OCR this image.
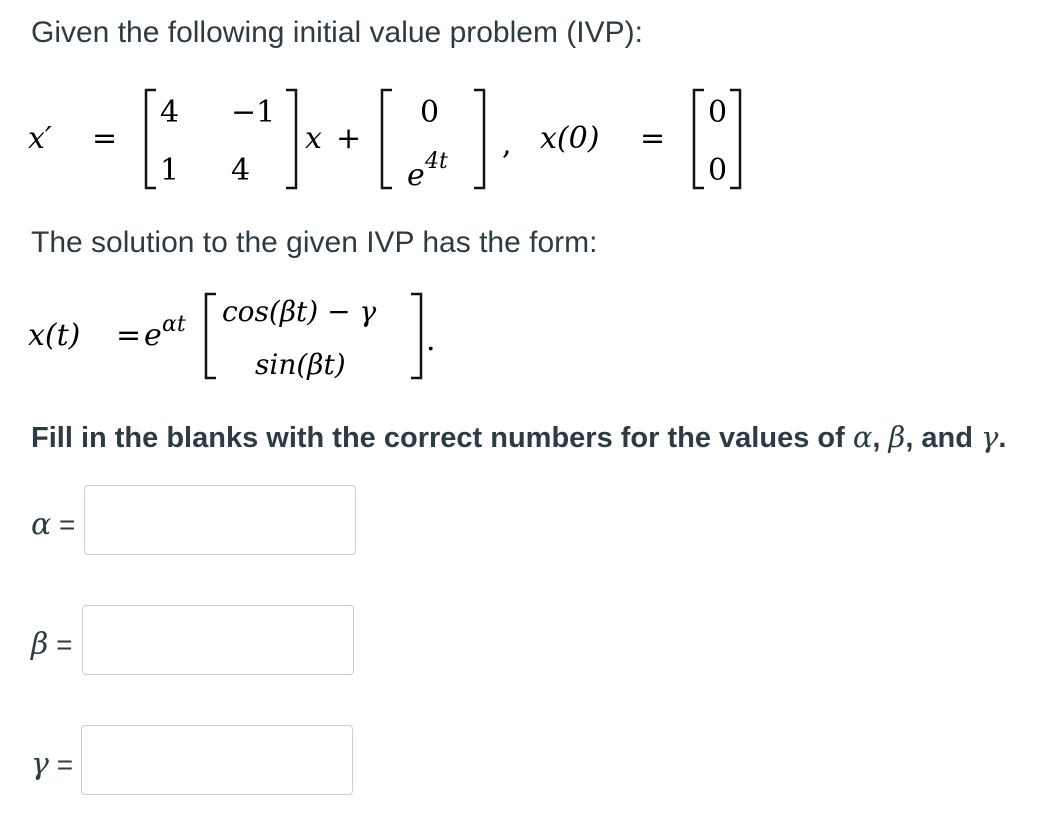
Given the following initial value problem (IVP):
x′ =
4 −1
1 4
x +
0
e 4t , x(0) =
0
0
The solution to the given IVP has the form:
x(t) = e αt cos(βt) − γ
sin(βt)
.
Fill in the blanks with the correct numbers for the values of α, β, and γ.
α =
β =
γ =
